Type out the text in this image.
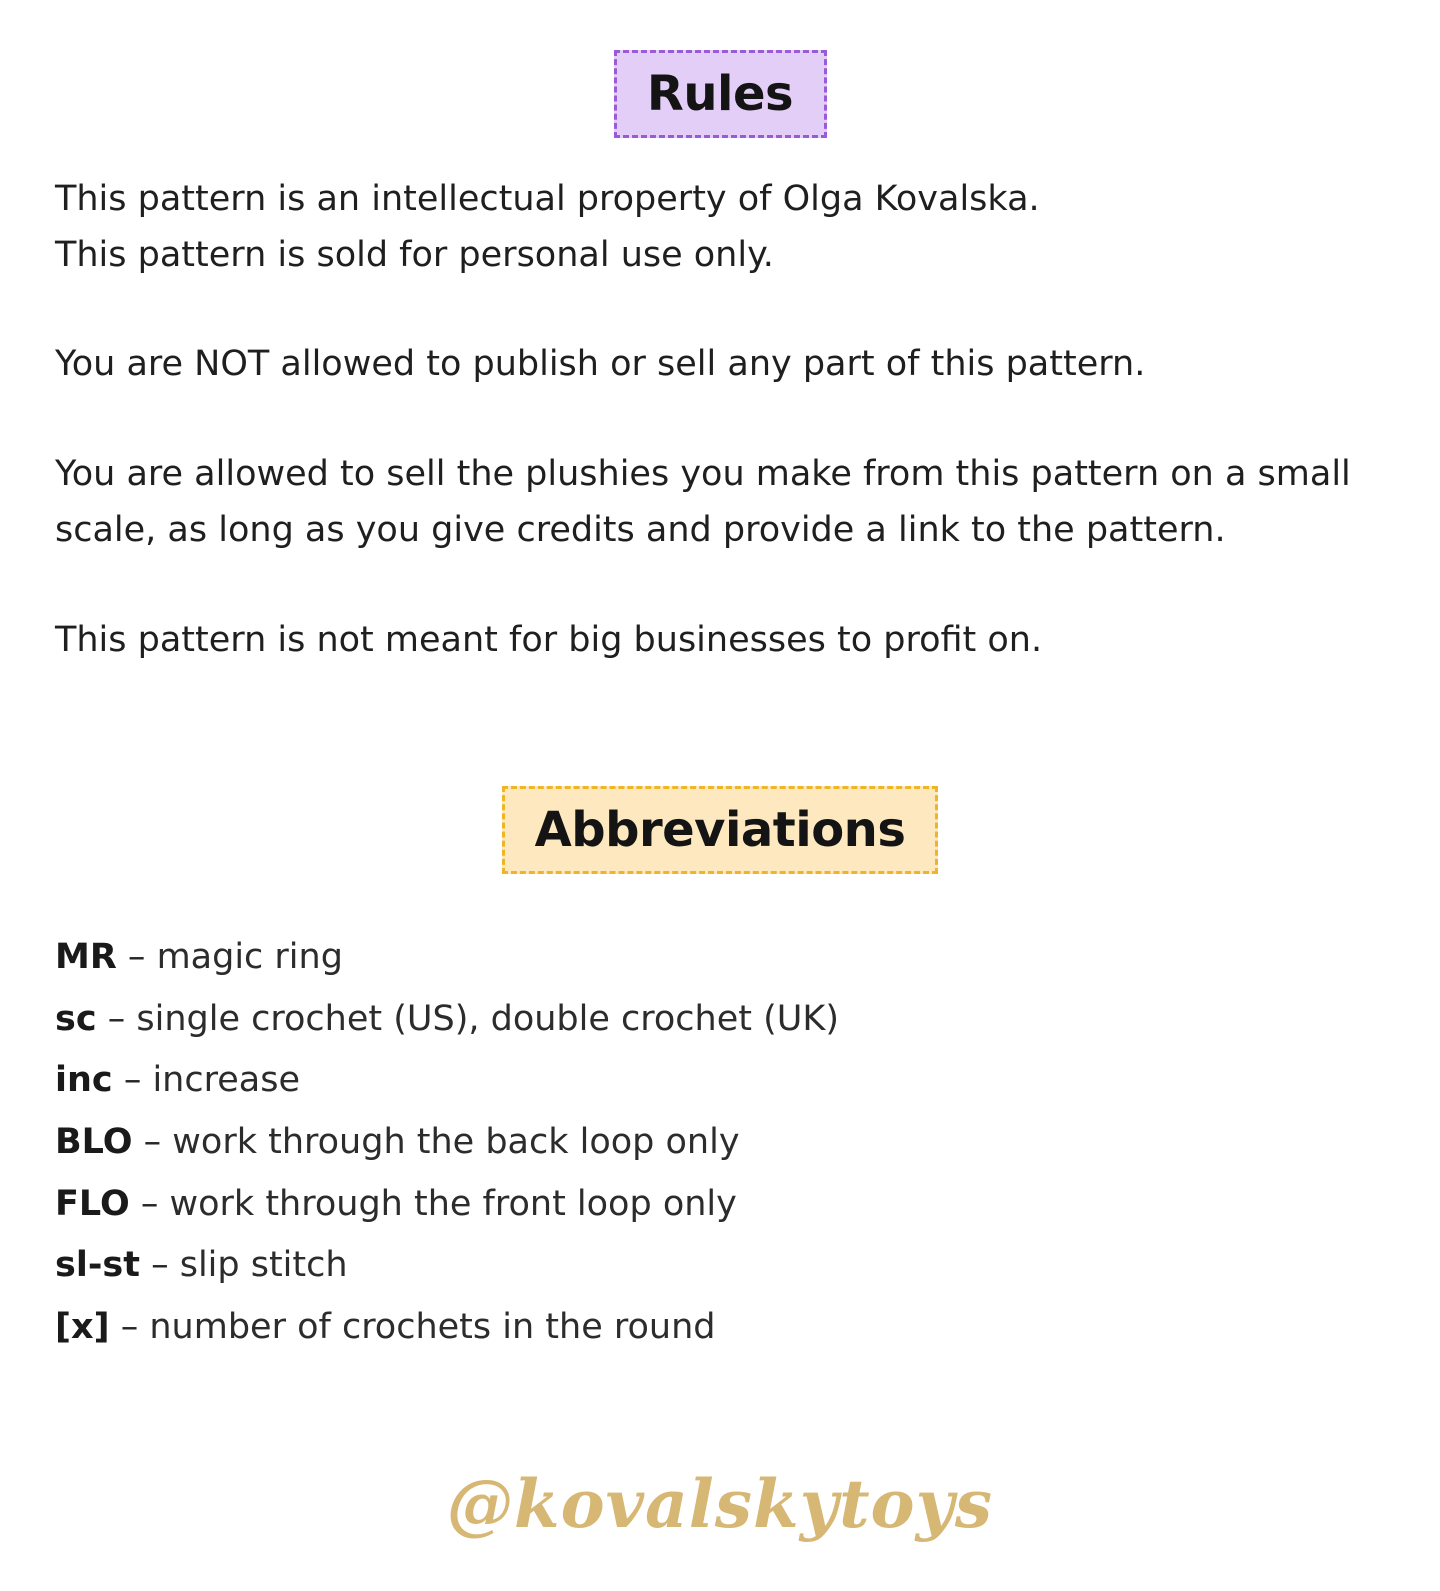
Rules

This pattern is an intellectual property of Olga Kovalska.
This pattern is sold for personal use only.

You are NOT allowed to publish or sell any part of this pattern.

You are allowed to sell the plushies you make from this pattern on a small
scale, as long as you give credits and provide a link to the pattern.

This pattern is not meant for big businesses to profit on.

Abbreviations
MR – magic ring
sc – single crochet (US), double crochet (UK)
inc – increase
BLO – work through the back loop only
FLO – work through the front loop only
sl-st – slip stitch
[x] – number of crochets in the round
@kovalskytoys
